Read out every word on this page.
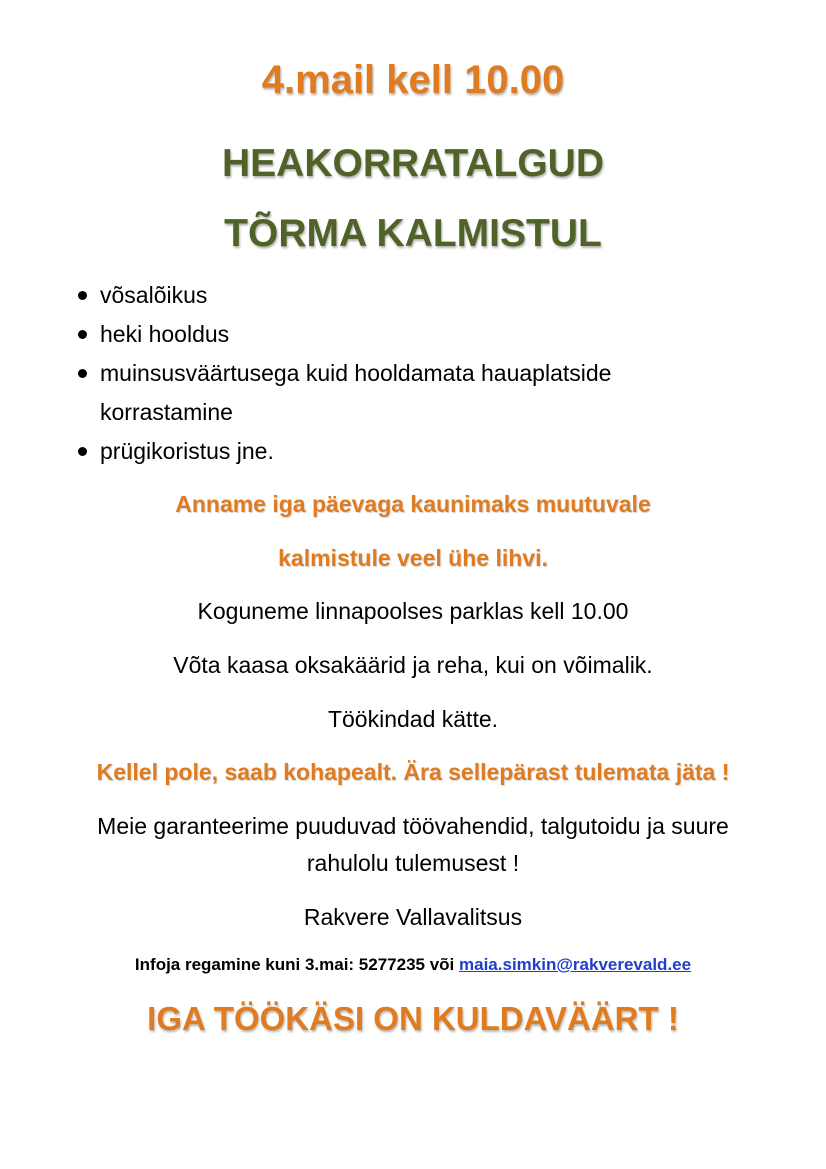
4.mail kell 10.00
HEAKORRATALGUD
TÕRMA KALMISTUL
võsalõikus
heki hooldus
muinsusväärtusega kuid hooldamata hauaplatside korrastamine
prügikoristus jne.
Anname iga päevaga kaunimaks muutuvale
kalmistule veel ühe lihvi.
Koguneme linnapoolses parklas kell 10.00
Võta kaasa oksakäärid ja reha, kui on võimalik.
Töökindad kätte.
Kellel pole, saab kohapealt. Ära sellepärast tulemata jäta !
Meie garanteerime puuduvad töövahendid, talgutoidu ja suure
rahulolu tulemusest !
Rakvere Vallavalitsus
Infoja regamine kuni 3.mai: 5277235 või maia.simkin@rakverevald.ee
IGA TÖÖKÄSI ON KULDAVÄÄRT !
